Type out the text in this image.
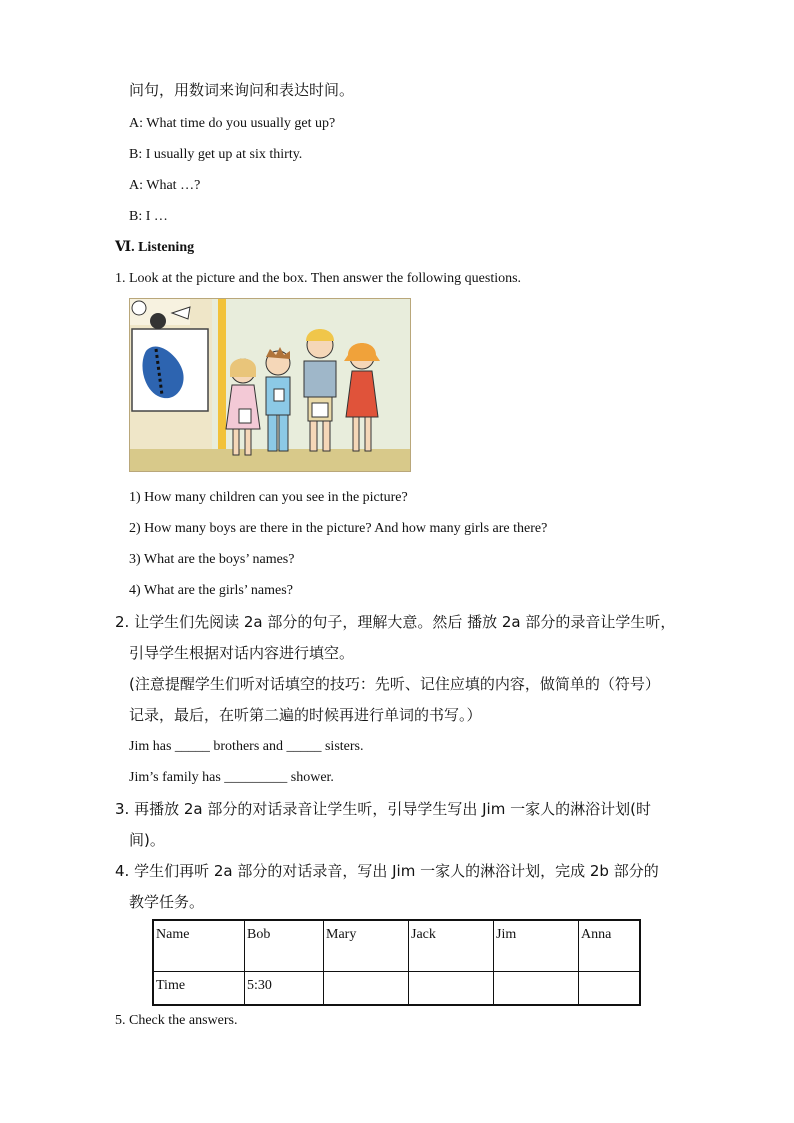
问句，用数词来询问和表达时间。
A: What time do you usually get up?
B: I usually get up at six thirty.
A: What …?
B: I …
Ⅵ. Listening
1. Look at the picture and the box. Then answer the following questions.
1) How many children can you see in the picture?
2) How many boys are there in the picture? And how many girls are there?
3) What are the boys’ names?
4) What are the girls’ names?
2. 让学生们先阅读 2a 部分的句子，理解大意。然后 播放 2a 部分的录音让学生听，
引导学生根据对话内容进行填空。
(注意提醒学生们听对话填空的技巧：先听、记住应填的内容，做简单的（符号）
记录，最后，在听第二遍的时候再进行单词的书写。）
Jim has _____ brothers and _____ sisters.
Jim’s family has _________ shower.
3. 再播放 2a 部分的对话录音让学生听，引导学生写出 Jim 一家人的淋浴计划(时
间)。
4. 学生们再听 2a 部分的对话录音，写出 Jim 一家人的淋浴计划，完成 2b 部分的
教学任务。
Name	Bob	Mary	Jack	Jim	Anna
Time	5:30				
5. Check the answers.
